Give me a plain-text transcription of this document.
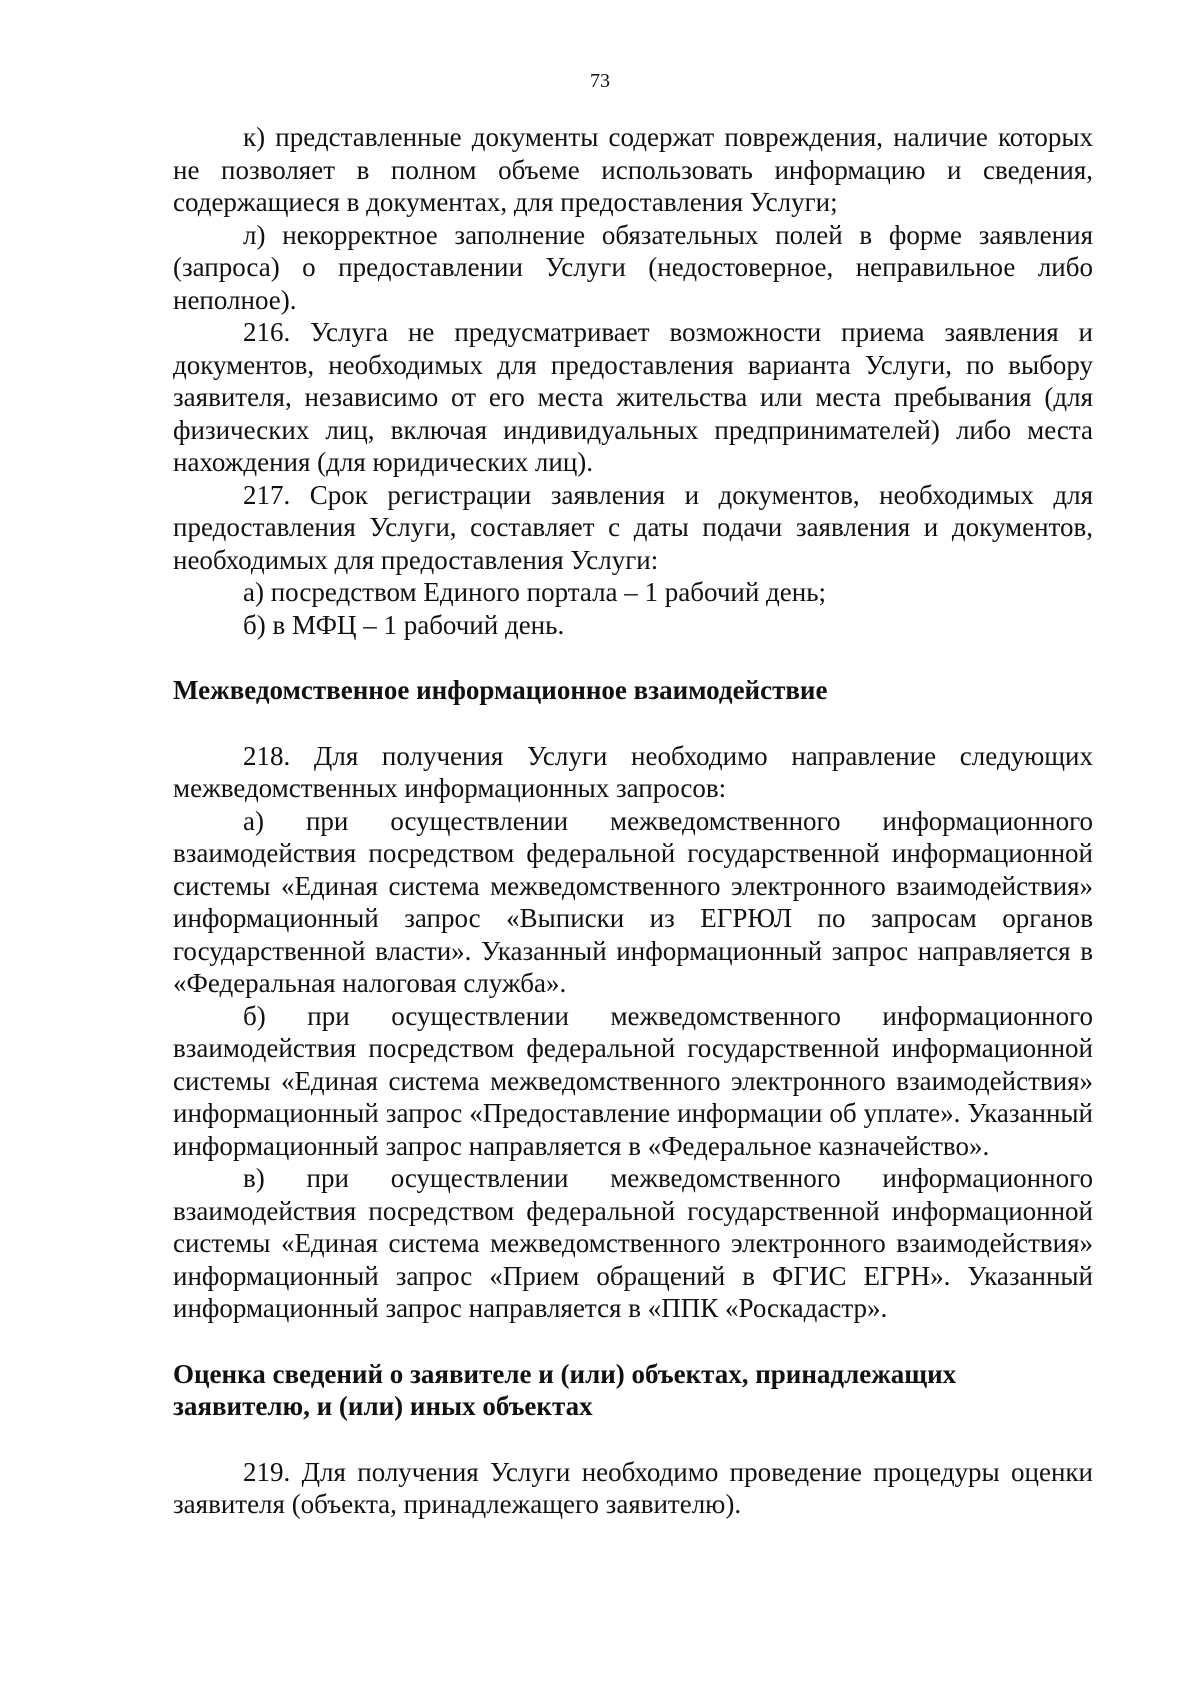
73

к) представленные документы содержат повреждения, наличие которых не позволяет в полном объеме использовать информацию и сведения, содержащиеся в документах, для предоставления Услуги;

л) некорректное заполнение обязательных полей в форме заявления (запроса) о предоставлении Услуги (недостоверное, неправильное либо неполное).

216. Услуга не предусматривает возможности приема заявления и документов, необходимых для предоставления варианта Услуги, по выбору заявителя, независимо от его места жительства или места пребывания (для физических лиц, включая индивидуальных предпринимателей) либо места нахождения (для юридических лиц).

217. Срок регистрации заявления и документов, необходимых для предоставления Услуги, составляет с даты подачи заявления и документов, необходимых для предоставления Услуги:

а) посредством Единого портала – 1 рабочий день;

б) в МФЦ – 1 рабочий день.

Межведомственное информационное взаимодействие

218. Для получения Услуги необходимо направление следующих межведомственных информационных запросов:

а) при осуществлении межведомственного информационного взаимодействия посредством федеральной государственной информационной системы «Единая система межведомственного электронного взаимодействия» информационный запрос «Выписки из ЕГРЮЛ по запросам органов государственной власти». Указанный информационный запрос направляется в «Федеральная налоговая служба».

б) при осуществлении межведомственного информационного взаимодействия посредством федеральной государственной информационной системы «Единая система межведомственного электронного взаимодействия» информационный запрос «Предоставление информации об уплате». Указанный информационный запрос направляется в «Федеральное казначейство».

в) при осуществлении межведомственного информационного взаимодействия посредством федеральной государственной информационной системы «Единая система межведомственного электронного взаимодействия» информационный запрос «Прием обращений в ФГИС ЕГРН». Указанный информационный запрос направляется в «ППК «Роскадастр».

Оценка сведений о заявителе и (или) объектах, принадлежащих

заявителю, и (или) иных объектах

219. Для получения Услуги необходимо проведение процедуры оценки заявителя (объекта, принадлежащего заявителю).
